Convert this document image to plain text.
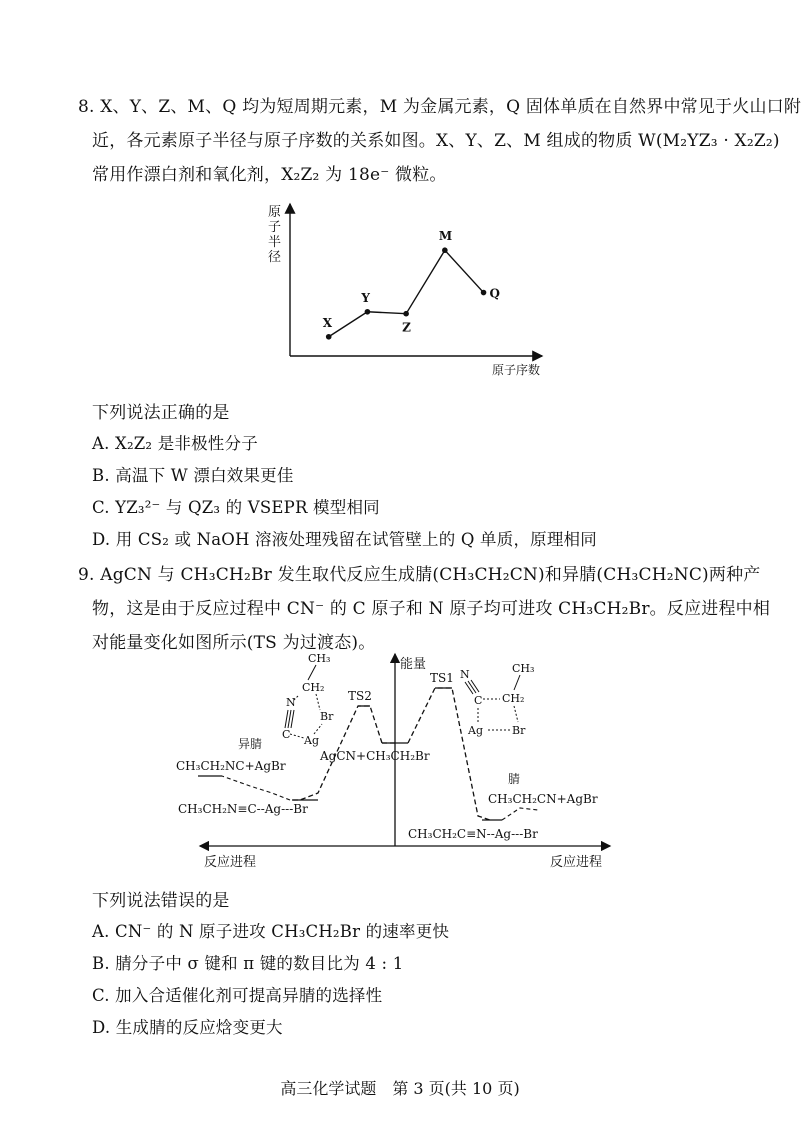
8. X、Y、Z、M、Q 均为短周期元素，M 为金属元素，Q 固体单质在自然界中常见于火山口附
近，各元素原子半径与原子序数的关系如图。X、Y、Z、M 组成的物质 W(M₂YZ₃ · X₂Z₂)
常用作漂白剂和氧化剂，X₂Z₂ 为 18e⁻ 微粒。
原子半径
原子序数
X
Y
Z
M
Q
下列说法正确的是
A. X₂Z₂ 是非极性分子
B. 高温下 W 漂白效果更佳
C. YZ₃²⁻ 与 QZ₃ 的 VSEPR 模型相同
D. 用 CS₂ 或 NaOH 溶液处理残留在试管壁上的 Q 单质，原理相同
9. AgCN 与 CH₃CH₂Br 发生取代反应生成腈(CH₃CH₂CN)和异腈(CH₃CH₂NC)两种产
物，这是由于反应过程中 CN⁻ 的 C 原子和 N 原子均可进攻 CH₃CH₂Br。反应进程中相
对能量变化如图所示(TS 为过渡态)。
能量
反应进程	反应进程
TS2
TS1
AgCN+CH₃CH₂Br
异腈
CH₃CH₂NC+AgBr
CH₃CH₂N≡C--Ag---Br
腈
CH₃CH₂CN+AgBr
CH₃CH₂C≡N--Ag---Br
CH₃
CH₂
N
Br
C Ag
CH₃
CH₂
N
C
Ag	Br
下列说法错误的是
A. CN⁻ 的 N 原子进攻 CH₃CH₂Br 的速率更快
B. 腈分子中 σ 键和 π 键的数目比为 4 : 1
C. 加入合适催化剂可提高异腈的选择性
D. 生成腈的反应焓变更大
高三化学试题　第 3 页(共 10 页)
